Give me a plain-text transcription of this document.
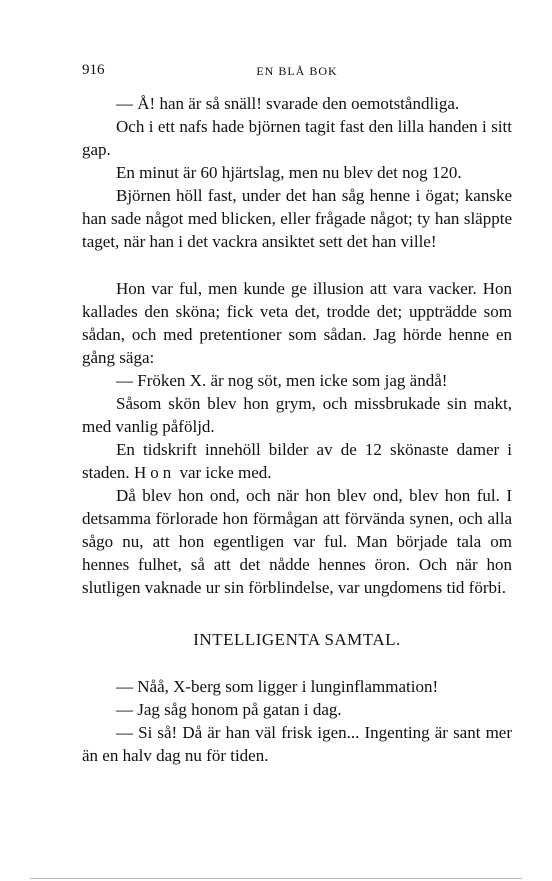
916	EN BLÅ BOK

— Å! han är så snäll! svarade den oemotståndliga.

Och i ett nafs hade björnen tagit fast den lilla handen i sitt gap.

En minut är 60 hjärtslag, men nu blev det nog 120.

Björnen höll fast, under det han såg henne i ögat; kanske han sade något med blicken, eller frågade något; ty han släppte taget, när han i det vackra ansiktet sett det han ville!

Hon var ful, men kunde ge illusion att vara vacker. Hon kallades den sköna; fick veta det, trodde det; uppträdde som sådan, och med pretentioner som sådan. Jag hörde henne en gång säga:

— Fröken X. är nog söt, men icke som jag ändå!

Såsom skön blev hon grym, och missbrukade sin makt, med vanlig påföljd.

En tidskrift innehöll bilder av de 12 skönaste damer i staden. Hon var icke med.

Då blev hon ond, och när hon blev ond, blev hon ful. I detsamma förlorade hon förmågan att förvända synen, och alla sågo nu, att hon egentligen var ful. Man började tala om hennes fulhet, så att det nådde hennes öron. Och när hon slutligen vaknade ur sin förblindelse, var ungdomens tid förbi.

INTELLIGENTA SAMTAL.

— Nåå, X-berg som ligger i lunginflammation!

— Jag såg honom på gatan i dag.

— Si så! Då är han väl frisk igen... Ingenting är sant mer än en halv dag nu för tiden.
